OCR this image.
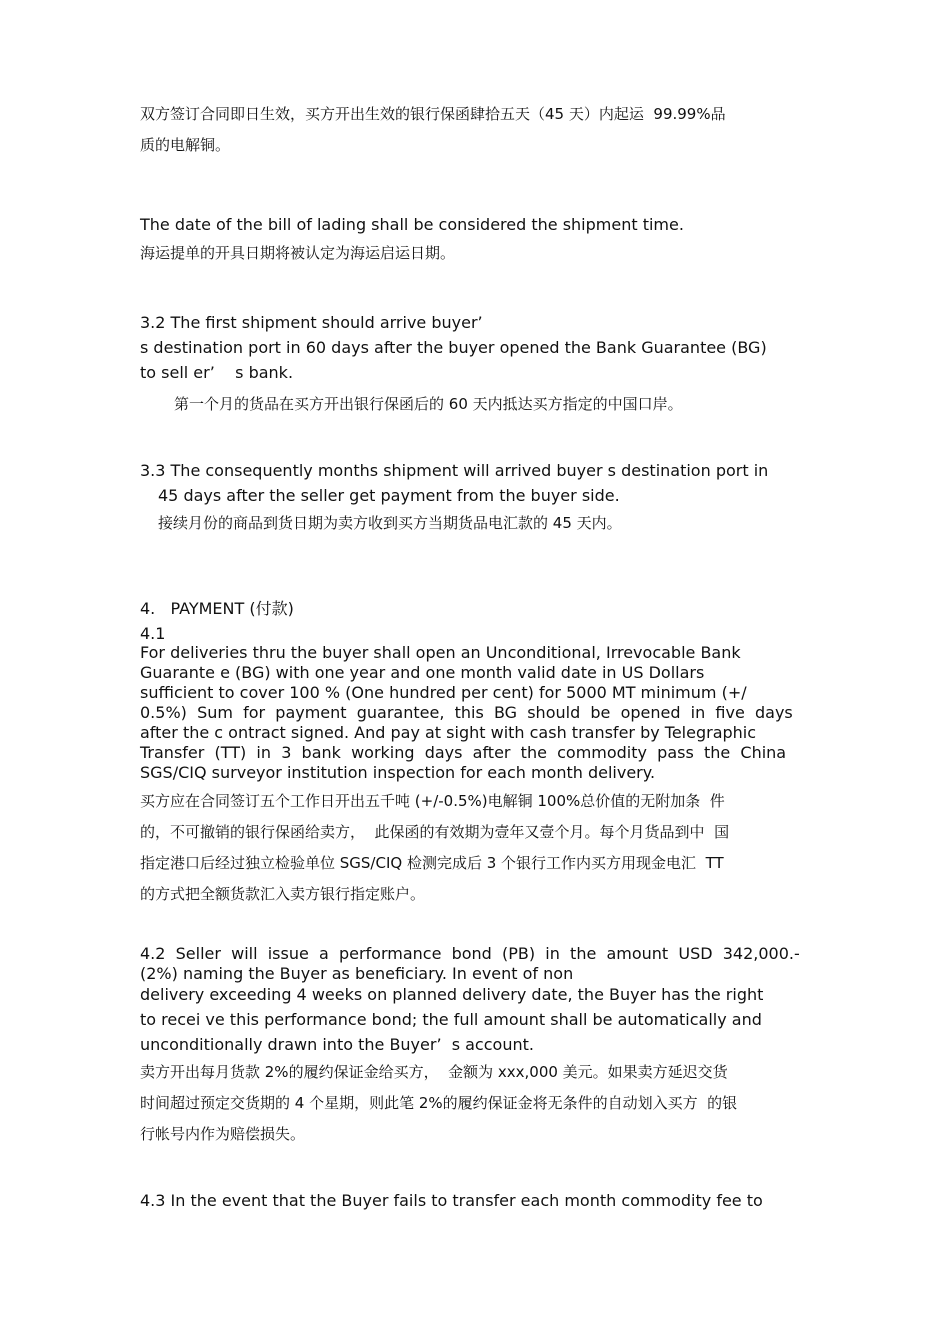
双方签订合同即日生效，买方开出生效的银行保函肆拾五天（45 天）内起运  99.99%品
质的电解铜。
The date of the bill of lading shall be considered the shipment time.
海运提单的开具日期将被认定为海运启运日期。
3.2 The first shipment should arrive buyer’
s destination port in 60 days after the buyer opened the Bank Guarantee (BG)
to sell er’    s bank.
第一个月的货品在买方开出银行保函后的 60 天内抵达买方指定的中国口岸。
3.3 The consequently months shipment will arrived buyer s destination port in
45 days after the seller get payment from the buyer side.
接续月份的商品到货日期为卖方收到买方当期货品电汇款的 45 天内。
4.   PAYMENT (付款)
4.1
For deliveries thru the buyer shall open an Unconditional, Irrevocable Bank
Guarante e (BG) with one year and one month valid date in US Dollars
sufficient to cover 100 % (One hundred per cent) for 5000 MT minimum (+/
0.5%)  Sum  for  payment  guarantee,  this  BG  should  be  opened  in  five  days
after the c ontract signed. And pay at sight with cash transfer by Telegraphic
Transfer  (TT)  in  3  bank  working  days  after  the  commodity  pass  the  China
SGS/CIQ surveyor institution inspection for each month delivery.
买方应在合同签订五个工作日开出五千吨 (+/-0.5%)电解铜 100%总价值的无附加条  件
的，不可撤销的银行保函给卖方，  此保函的有效期为壹年又壹个月。每个月货品到中  国
指定港口后经过独立检验单位 SGS/CIQ 检测完成后 3 个银行工作内买方用现金电汇  TT
的方式把全额货款汇入卖方银行指定账户。
4.2  Seller  will  issue  a  performance  bond  (PB)  in  the  amount  USD  342,000.-
(2%) naming the Buyer as beneficiary. In event of non
delivery exceeding 4 weeks on planned delivery date, the Buyer has the right
to recei ve this performance bond; the full amount shall be automatically and
unconditionally drawn into the Buyer’  s account.
卖方开出每月货款 2%的履约保证金给买方，  金额为 xxx,000 美元。如果卖方延迟交货
时间超过预定交货期的 4 个星期，则此笔 2%的履约保证金将无条件的自动划入买方  的银
行帐号内作为赔偿损失。
4.3 In the event that the Buyer fails to transfer each month commodity fee to
